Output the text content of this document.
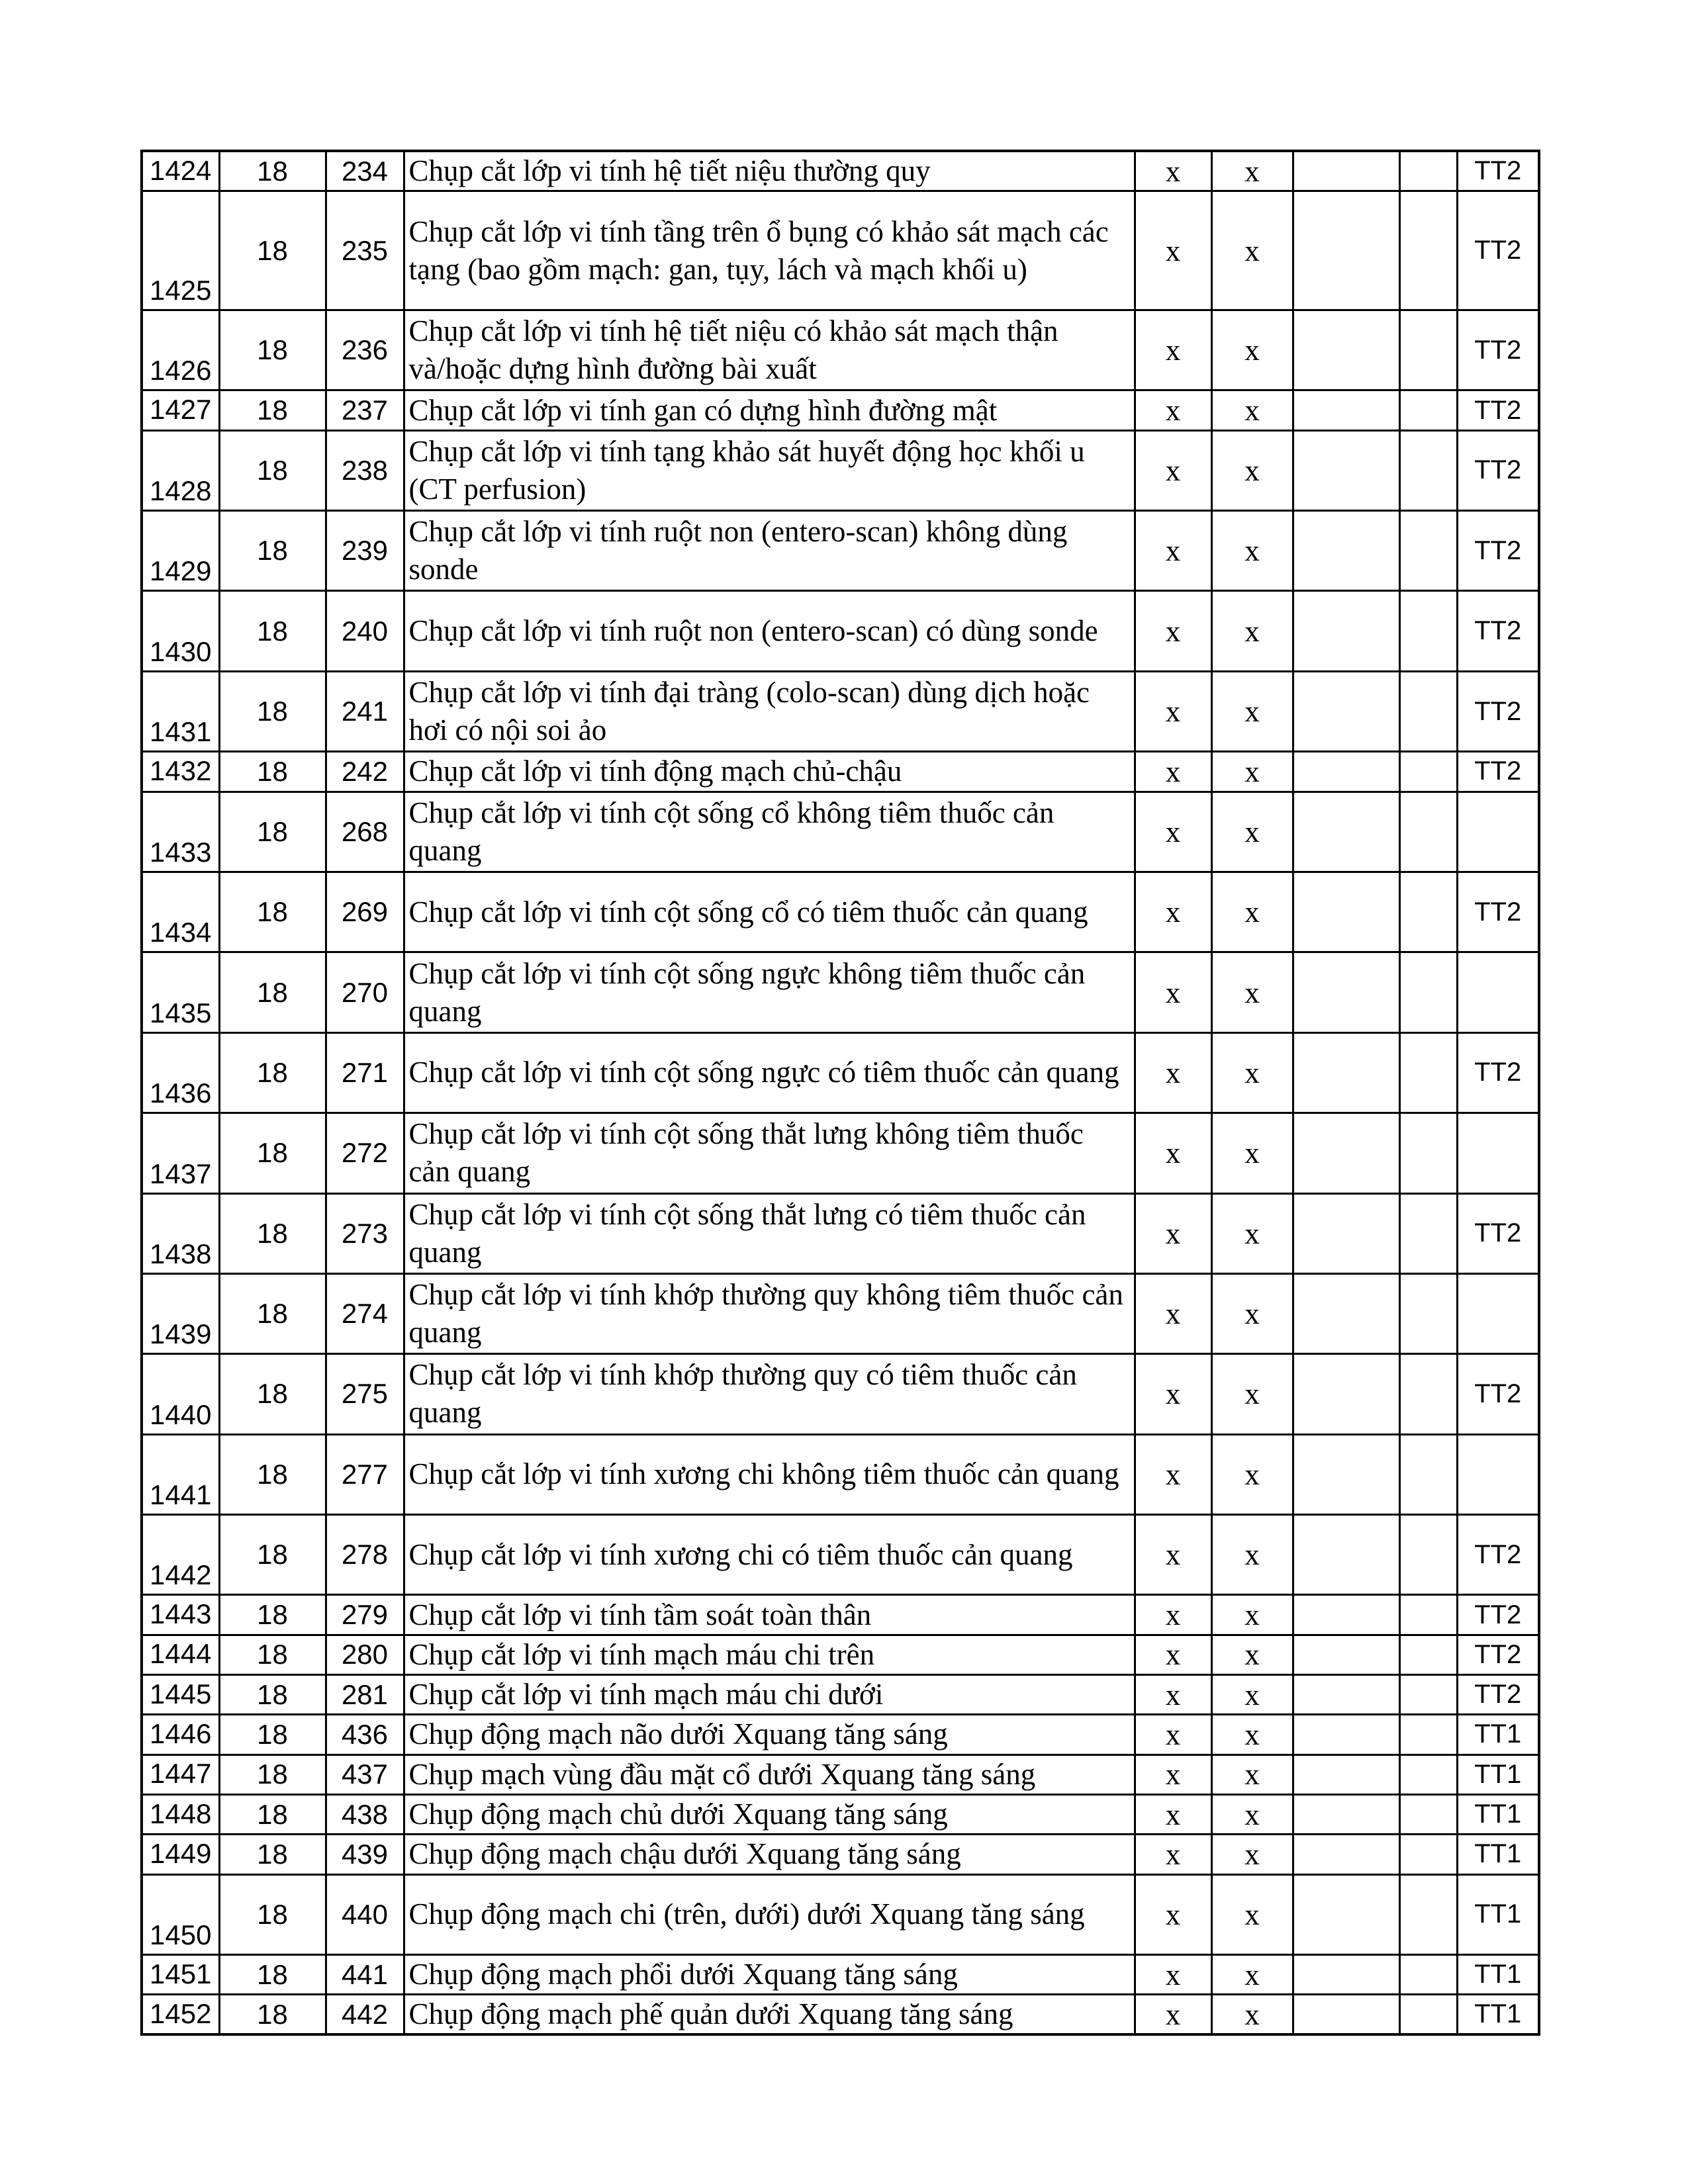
1424	18	234	Chụp cắt lớp vi tính hệ tiết niệu thường quy	x	x			TT2
1425	18	235	Chụp cắt lớp vi tính tầng trên ổ bụng có khảo sát mạch các tạng (bao gồm mạch: gan, tụy, lách và mạch khối u)	x	x			TT2
1426	18	236	Chụp cắt lớp vi tính hệ tiết niệu có khảo sát mạch thận và/hoặc dựng hình đường bài xuất	x	x			TT2
1427	18	237	Chụp cắt lớp vi tính gan có dựng hình đường mật	x	x			TT2
1428	18	238	Chụp cắt lớp vi tính tạng khảo sát huyết động học khối u (CT perfusion)	x	x			TT2
1429	18	239	Chụp cắt lớp vi tính ruột non (entero-scan) không dùng sonde	x	x			TT2
1430	18	240	Chụp cắt lớp vi tính ruột non (entero-scan) có dùng sonde	x	x			TT2
1431	18	241	Chụp cắt lớp vi tính đại tràng (colo-scan) dùng dịch hoặc hơi có nội soi ảo	x	x			TT2
1432	18	242	Chụp cắt lớp vi tính động mạch chủ-chậu	x	x			TT2
1433	18	268	Chụp cắt lớp vi tính cột sống cổ không tiêm thuốc cản quang	x	x			
1434	18	269	Chụp cắt lớp vi tính cột sống cổ có tiêm thuốc cản quang	x	x			TT2
1435	18	270	Chụp cắt lớp vi tính cột sống ngực không tiêm thuốc cản quang	x	x			
1436	18	271	Chụp cắt lớp vi tính cột sống ngực có tiêm thuốc cản quang	x	x			TT2
1437	18	272	Chụp cắt lớp vi tính cột sống thắt lưng không tiêm thuốc cản quang	x	x			
1438	18	273	Chụp cắt lớp vi tính cột sống thắt lưng có tiêm thuốc cản quang	x	x			TT2
1439	18	274	Chụp cắt lớp vi tính khớp thường quy không tiêm thuốc cản quang	x	x			
1440	18	275	Chụp cắt lớp vi tính khớp thường quy có tiêm thuốc cản quang	x	x			TT2
1441	18	277	Chụp cắt lớp vi tính xương chi không tiêm thuốc cản quang	x	x			
1442	18	278	Chụp cắt lớp vi tính xương chi có tiêm thuốc cản quang	x	x			TT2
1443	18	279	Chụp cắt lớp vi tính tầm soát toàn thân	x	x			TT2
1444	18	280	Chụp cắt lớp vi tính mạch máu chi trên	x	x			TT2
1445	18	281	Chụp cắt lớp vi tính mạch máu chi dưới	x	x			TT2
1446	18	436	Chụp động mạch não dưới Xquang tăng sáng	x	x			TT1
1447	18	437	Chụp mạch vùng đầu mặt cổ dưới Xquang tăng sáng	x	x			TT1
1448	18	438	Chụp động mạch chủ dưới Xquang tăng sáng	x	x			TT1
1449	18	439	Chụp động mạch chậu dưới Xquang tăng sáng	x	x			TT1
1450	18	440	Chụp động mạch chi (trên, dưới) dưới Xquang tăng sáng	x	x			TT1
1451	18	441	Chụp động mạch phổi dưới Xquang tăng sáng	x	x			TT1
1452	18	442	Chụp động mạch phế quản dưới Xquang tăng sáng	x	x			TT1
